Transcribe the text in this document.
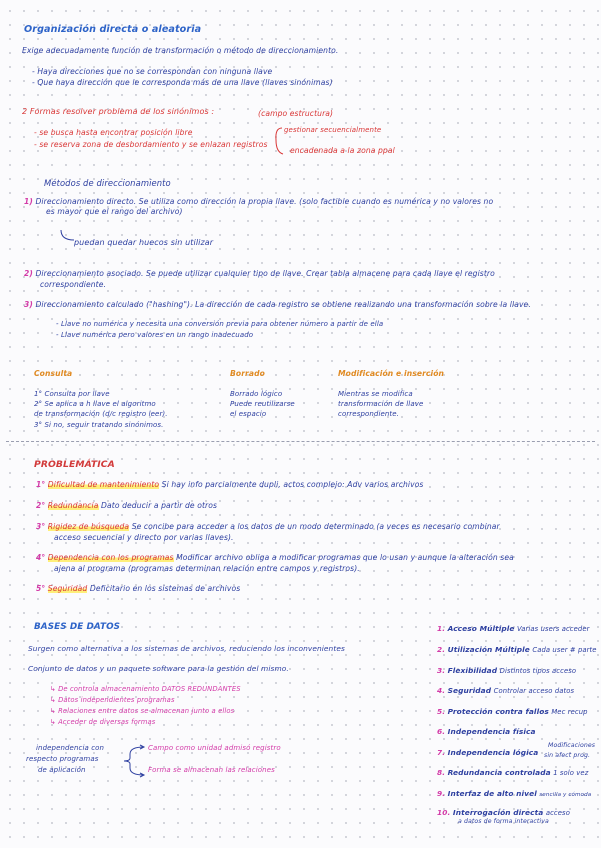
Organización directa o aleatoria
Exige adecuadamente función de transformación o método de direccionamiento.
- Haya direcciones que no se correspondan con ninguna llave
- Que haya dirección que le corresponda más de una llave (llaves sinónimas)
2 Formas resolver problema de los sinónimos :	(campo estructura)
- se busca hasta encontrar posición libre
- se reserva zona de desbordamiento y se enlazan registros
gestionar secuencialmente
encadenada a la zona ppal
Métodos de direccionamiento
1) Direccionamiento directo. Se utiliza como dirección la propia llave. (solo factible cuando es numérica y no valores no
es mayor que el rango del archivo)
puedan quedar huecos sin utilizar
2) Direccionamiento asociado. Se puede utilizar cualquier tipo de llave. Crear tabla almacene para cada llave el registro
correspondiente.
3) Direccionamiento calculado ("hashing"). La dirección de cada registro se obtiene realizando una transformación sobre la llave.
- Llave no numérica y necesita una conversión previa para obtener número a partir de ella
- Llave numérica pero valores en un rango inadecuado
Consulta
1° Consulta por llave
2° Se aplica a h llave el algoritmo
de transformación (d/c registro leer).
3° Si no, seguir tratando sinónimos.
Borrado
Borrado lógico
Puede reutilizarse
el espacio
Modificación e inserción
Mientras se modifica
transformación de llave
correspondiente.
PROBLEMÁTICA
1° Dificultad de mantenimiento Si hay info parcialmente dupli, actos complejo: Adv varios archivos
2° Redundancia Dato deducir a partir de otros
3° Rigidez de búsqueda Se concibe para acceder a los datos de un modo determinado (a veces es necesario combinar
acceso secuencial y directo por varias llaves).
4° Dependencia con los programas Modificar archivo obliga a modificar programas que lo usan y aunque la alteración sea
ajena al programa (programas determinan relación entre campos y registros).
5° Seguridad Deficitario en los sistemas de archivos
BASES DE DATOS
Surgen como alternativa a los sistemas de archivos, reduciendo los inconvenientes
Conjunto de datos y un paquete software para la gestión del mismo.
↳ De controla almacenamiento DATOS REDUNDANTES
↳ Datos independientes programas
↳ Relaciones entre datos se almacenan junto a ellos
↳ Acceder de diversas formas
independencia con
respecto programas
de aplicación
Campo como unidad admisó registro
Forma se almacenan las relaciones
1. Acceso Múltiple Varias users acceder
2. Utilización Múltiple Cada user # parte
3. Flexibilidad Distintos tipos acceso
4. Seguridad Controlar acceso datos
5. Protección contra fallos Mec recup
6. Independencia física
7. Independencia lógica
Modificaciones
sin afect prog.
8. Redundancia controlada 1 solo vez
9. Interfaz de alto nivel sencilla y cómoda
10. Interrogación directa acceso
a datos de forma interactiva
